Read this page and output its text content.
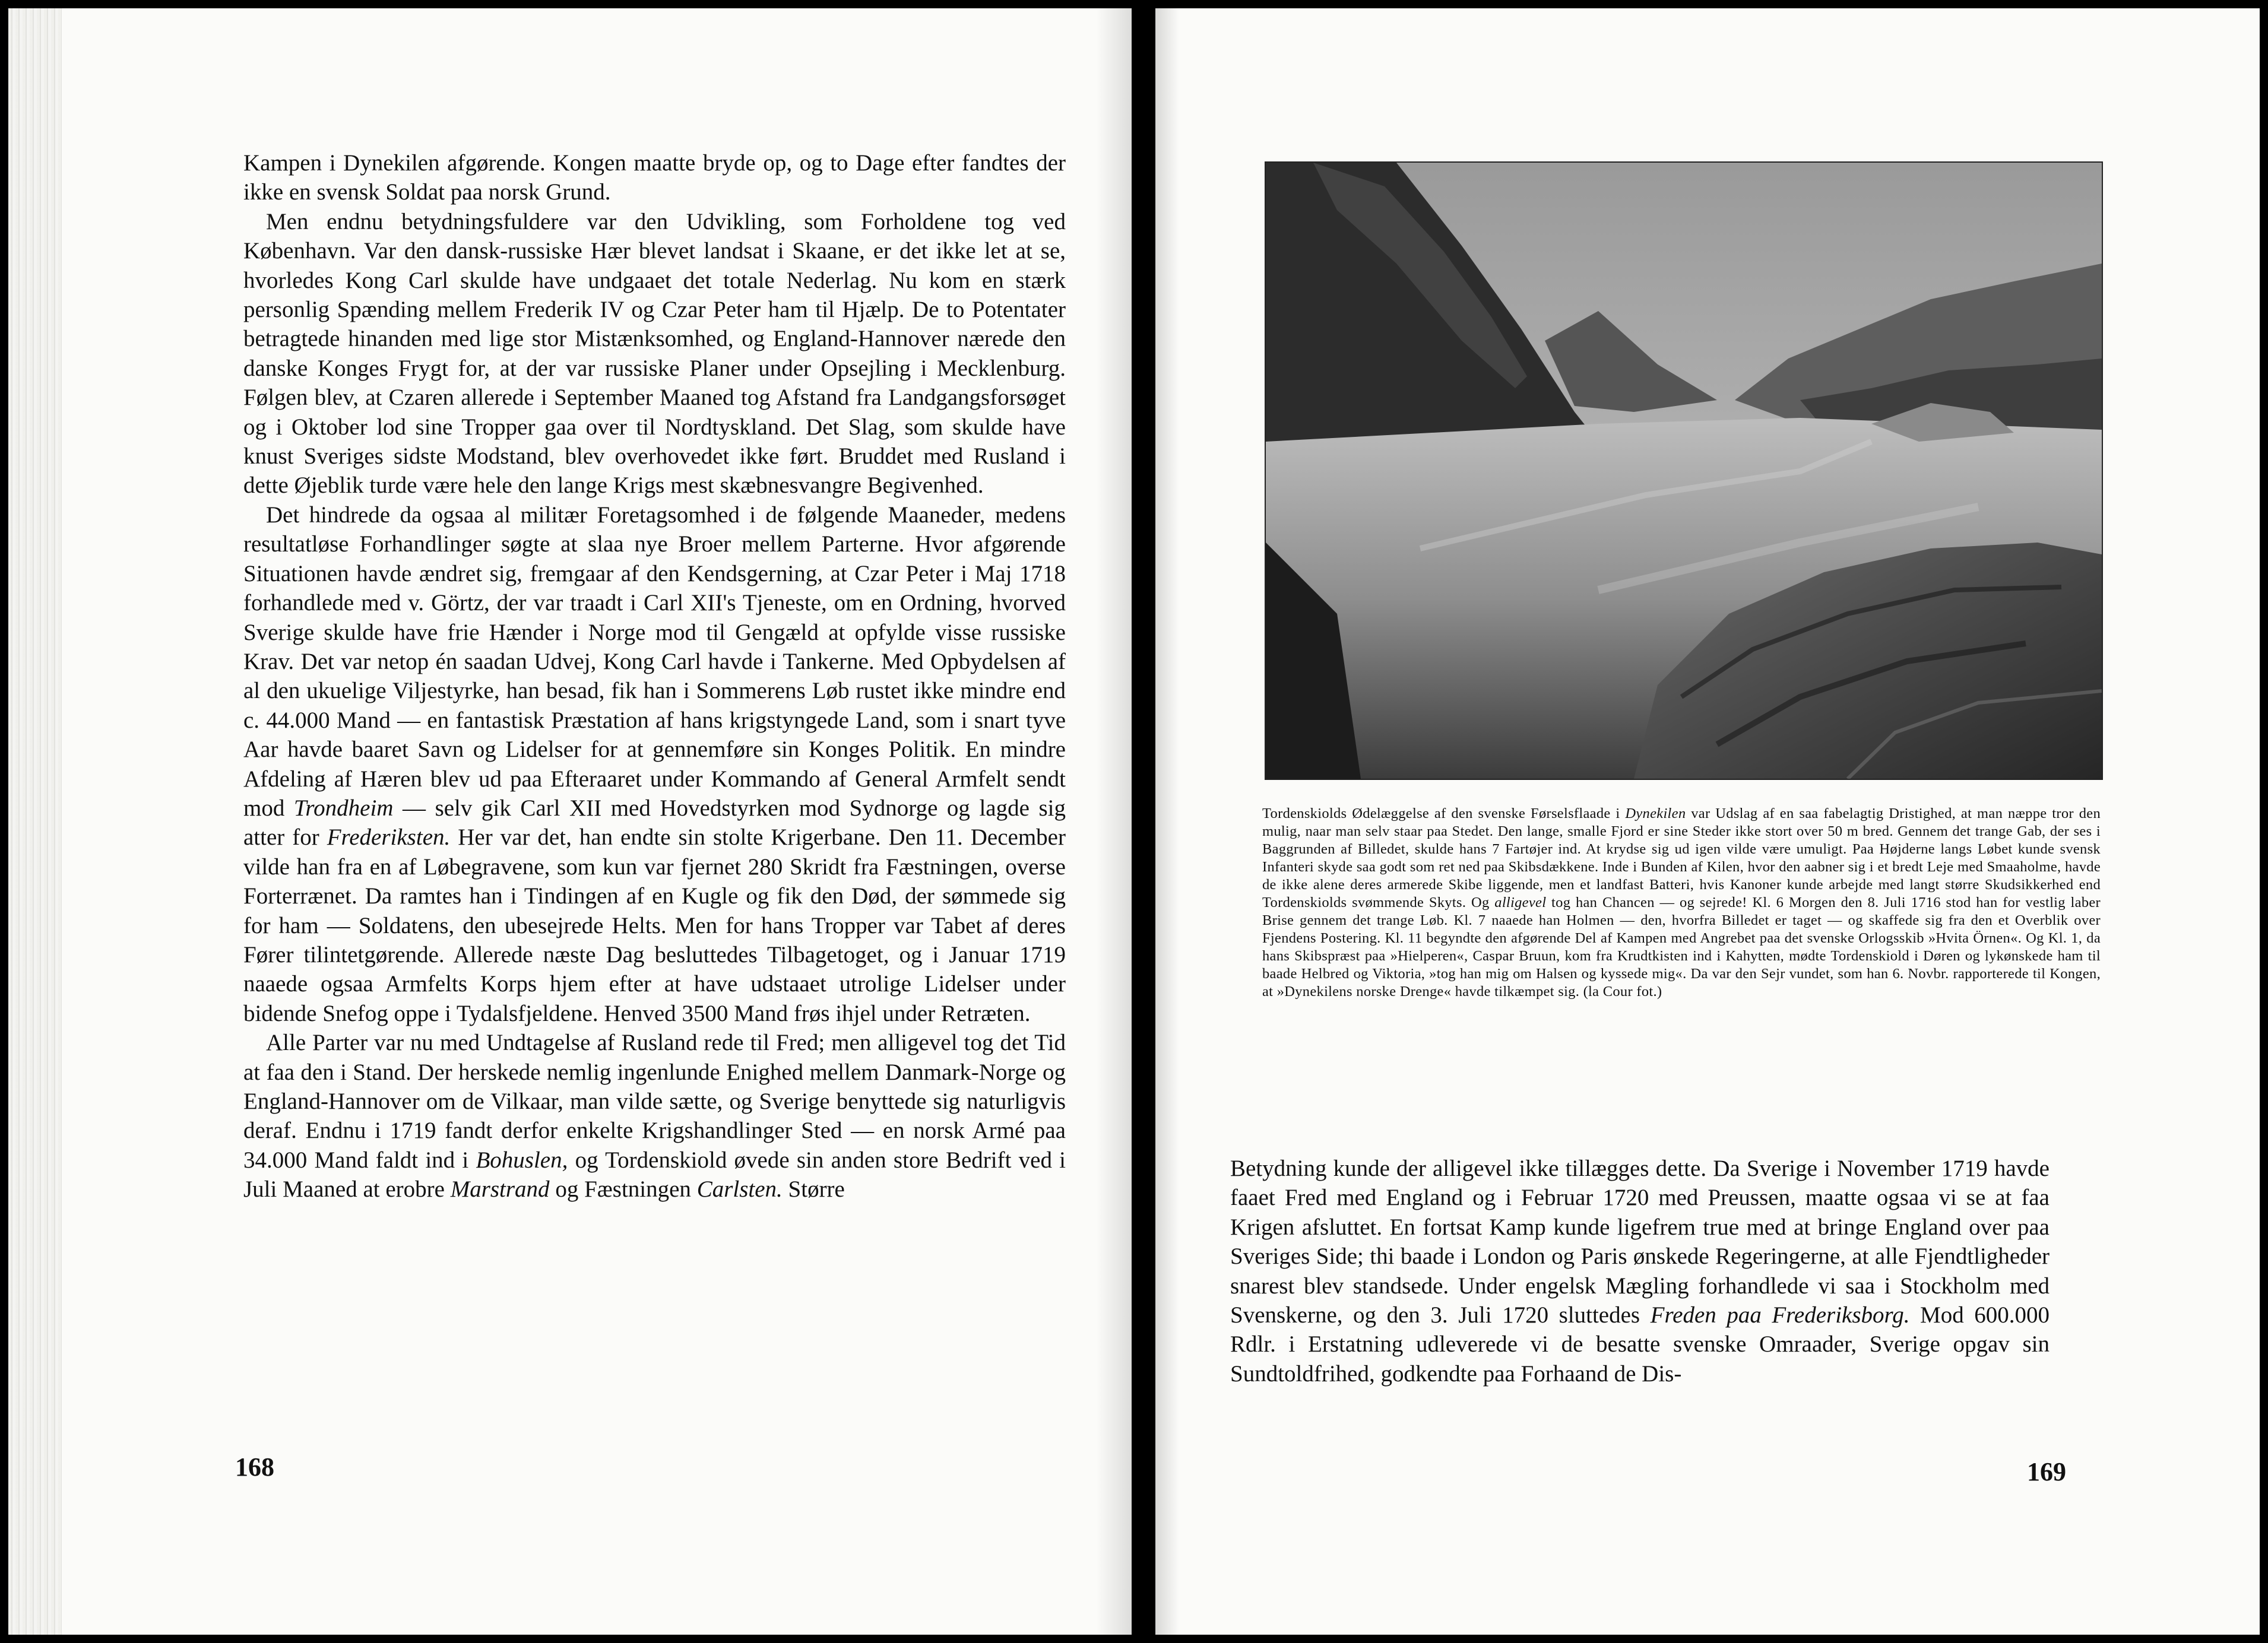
Kampen i Dynekilen afgørende. Kongen maatte bryde op, og to Dage efter fandtes der ikke en svensk Soldat paa norsk Grund.

Men endnu betydningsfuldere var den Udvikling, som Forholdene tog ved København. Var den dansk-russiske Hær blevet landsat i Skaane, er det ikke let at se, hvorledes Kong Carl skulde have undgaaet det totale Nederlag. Nu kom en stærk personlig Spænding mellem Frederik IV og Czar Peter ham til Hjælp. De to Potentater betragtede hinanden med lige stor Mistænksomhed, og England-Hannover nærede den danske Konges Frygt for, at der var russiske Planer under Opsejling i Mecklenburg. Følgen blev, at Czaren allerede i September Maaned tog Afstand fra Landgangsforsøget og i Oktober lod sine Tropper gaa over til Nordtyskland. Det Slag, som skulde have knust Sveriges sidste Modstand, blev overhovedet ikke ført. Bruddet med Rusland i dette Øjeblik turde være hele den lange Krigs mest skæbnesvangre Begivenhed.

Det hindrede da ogsaa al militær Foretagsomhed i de følgende Maaneder, medens resultatløse Forhandlinger søgte at slaa nye Broer mellem Parterne. Hvor afgørende Situationen havde ændret sig, fremgaar af den Kendsgerning, at Czar Peter i Maj 1718 forhandlede med v. Görtz, der var traadt i Carl XII's Tjeneste, om en Ordning, hvorved Sverige skulde have frie Hænder i Norge mod til Gengæld at opfylde visse russiske Krav. Det var netop én saadan Udvej, Kong Carl havde i Tankerne. Med Opbydelsen af al den ukuelige Viljestyrke, han besad, fik han i Sommerens Løb rustet ikke mindre end c. 44.000 Mand — en fantastisk Præstation af hans krigstyngede Land, som i snart tyve Aar havde baaret Savn og Lidelser for at gennemføre sin Konges Politik. En mindre Afdeling af Hæren blev ud paa Efteraaret under Kommando af General Armfelt sendt mod Trondheim — selv gik Carl XII med Hovedstyrken mod Sydnorge og lagde sig atter for Frederiksten. Her var det, han endte sin stolte Krigerbane. Den 11. December vilde han fra en af Løbegravene, som kun var fjernet 280 Skridt fra Fæstningen, overse Forterrænet. Da ramtes han i Tindingen af en Kugle og fik den Død, der sømmede sig for ham — Soldatens, den ubesejrede Helts. Men for hans Tropper var Tabet af deres Fører tilintetgørende. Allerede næste Dag besluttedes Tilbagetoget, og i Januar 1719 naaede ogsaa Armfelts Korps hjem efter at have udstaaet utrolige Lidelser under bidende Snefog oppe i Tydalsfjeldene. Henved 3500 Mand frøs ihjel under Retræten.

Alle Parter var nu med Undtagelse af Rusland rede til Fred; men alligevel tog det Tid at faa den i Stand. Der herskede nemlig ingenlunde Enighed mellem Danmark-Norge og England-Hannover om de Vilkaar, man vilde sætte, og Sverige benyttede sig naturligvis deraf. Endnu i 1719 fandt derfor enkelte Krigshandlinger Sted — en norsk Armé paa 34.000 Mand faldt ind i Bohuslen, og Tordenskiold øvede sin anden store Bedrift ved i Juli Maaned at erobre Marstrand og Fæstningen Carlsten. Større

168
Tordenskiolds Ødelæggelse af den svenske Førselsflaade i Dynekilen var Udslag af en saa fabelagtig Dristighed, at man næppe tror den mulig, naar man selv staar paa Stedet. Den lange, smalle Fjord er sine Steder ikke stort over 50 m bred. Gennem det trange Gab, der ses i Baggrunden af Billedet, skulde hans 7 Fartøjer ind. At krydse sig ud igen vilde være umuligt. Paa Højderne langs Løbet kunde svensk Infanteri skyde saa godt som ret ned paa Skibsdækkene. Inde i Bunden af Kilen, hvor den aabner sig i et bredt Leje med Smaaholme, havde de ikke alene deres armerede Skibe liggende, men et landfast Batteri, hvis Kanoner kunde arbejde med langt større Skudsikkerhed end Tordenskiolds svømmende Skyts. Og alligevel tog han Chancen — og sejrede! Kl. 6 Morgen den 8. Juli 1716 stod han for vestlig laber Brise gennem det trange Løb. Kl. 7 naaede han Holmen — den, hvorfra Billedet er taget — og skaffede sig fra den et Overblik over Fjendens Postering. Kl. 11 begyndte den afgørende Del af Kampen med Angrebet paa det svenske Orlogsskib »Hvita Örnen«. Og Kl. 1, da hans Skibspræst paa »Hielperen«, Caspar Bruun, kom fra Krudtkisten ind i Kahytten, mødte Tordenskiold i Døren og lykønskede ham til baade Helbred og Viktoria, »tog han mig om Halsen og kyssede mig«. Da var den Sejr vundet, som han 6. Novbr. rapporterede til Kongen, at »Dynekilens norske Drenge« havde tilkæmpet sig. (la Cour fot.)

Betydning kunde der alligevel ikke tillægges dette. Da Sverige i November 1719 havde faaet Fred med England og i Februar 1720 med Preussen, maatte ogsaa vi se at faa Krigen afsluttet. En fortsat Kamp kunde ligefrem true med at bringe England over paa Sveriges Side; thi baade i London og Paris ønskede Regeringerne, at alle Fjendtligheder snarest blev standsede. Under engelsk Mægling forhandlede vi saa i Stockholm med Svenskerne, og den 3. Juli 1720 sluttedes Freden paa Frederiksborg. Mod 600.000 Rdlr. i Erstatning udleverede vi de besatte svenske Omraader, Sverige opgav sin Sundtoldfrihed, godkendte paa Forhaand de Dis-

169
